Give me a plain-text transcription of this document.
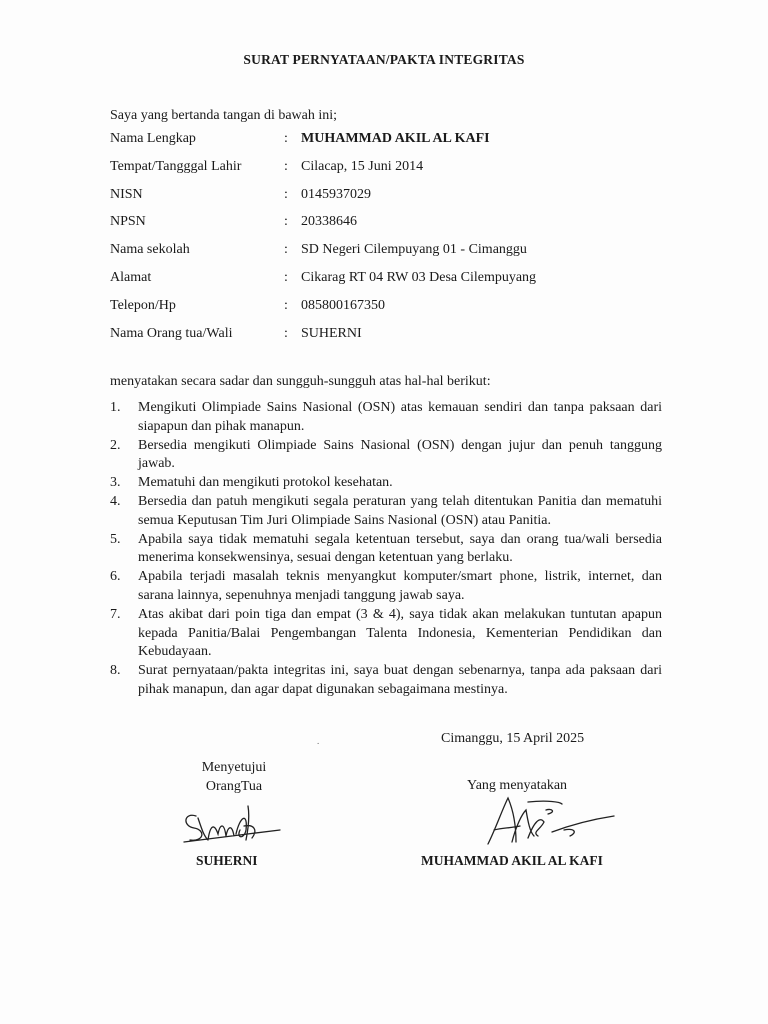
SURAT PERNYATAAN/PAKTA INTEGRITAS
Saya yang bertanda tangan di bawah ini;
Nama Lengkap	: MUHAMMAD AKIL AL KAFI
Tempat/Tangggal Lahir	: Cilacap, 15 Juni 2014
NISN	: 0145937029
NPSN	: 20338646
Nama sekolah	: SD Negeri Cilempuyang 01 - Cimanggu
Alamat	: Cikarag RT 04 RW 03 Desa Cilempuyang
Telepon/Hp	: 085800167350
Nama Orang tua/Wali	: SUHERNI
menyatakan secara sadar dan sungguh-sungguh atas hal-hal berikut:
1. Mengikuti Olimpiade Sains Nasional (OSN) atas kemauan sendiri dan tanpa paksaan dari siapapun dan pihak manapun.
2. Bersedia mengikuti Olimpiade Sains Nasional (OSN) dengan jujur dan penuh tanggung jawab.
3. Mematuhi dan mengikuti protokol kesehatan.
4. Bersedia dan patuh mengikuti segala peraturan yang telah ditentukan Panitia dan mematuhi semua Keputusan Tim Juri Olimpiade Sains Nasional (OSN) atau Panitia.
5. Apabila saya tidak mematuhi segala ketentuan tersebut, saya dan orang tua/wali bersedia menerima konsekwensinya, sesuai dengan ketentuan yang berlaku.
6. Apabila terjadi masalah teknis menyangkut komputer/smart phone, listrik, internet, dan sarana lainnya, sepenuhnya menjadi tanggung jawab saya.
7. Atas akibat dari poin tiga dan empat (3 & 4), saya tidak akan melakukan tuntutan apapun kepada Panitia/Balai Pengembangan Talenta Indonesia, Kementerian Pendidikan dan Kebudayaan.
8. Surat pernyataan/pakta integritas ini, saya buat dengan sebenarnya, tanpa ada paksaan dari pihak manapun, dan agar dapat digunakan sebagaimana mestinya.
.	Cimanggu, 15 April 2025
Menyetujui
OrangTua	Yang menyatakan
SUHERNI	MUHAMMAD AKIL AL KAFI
